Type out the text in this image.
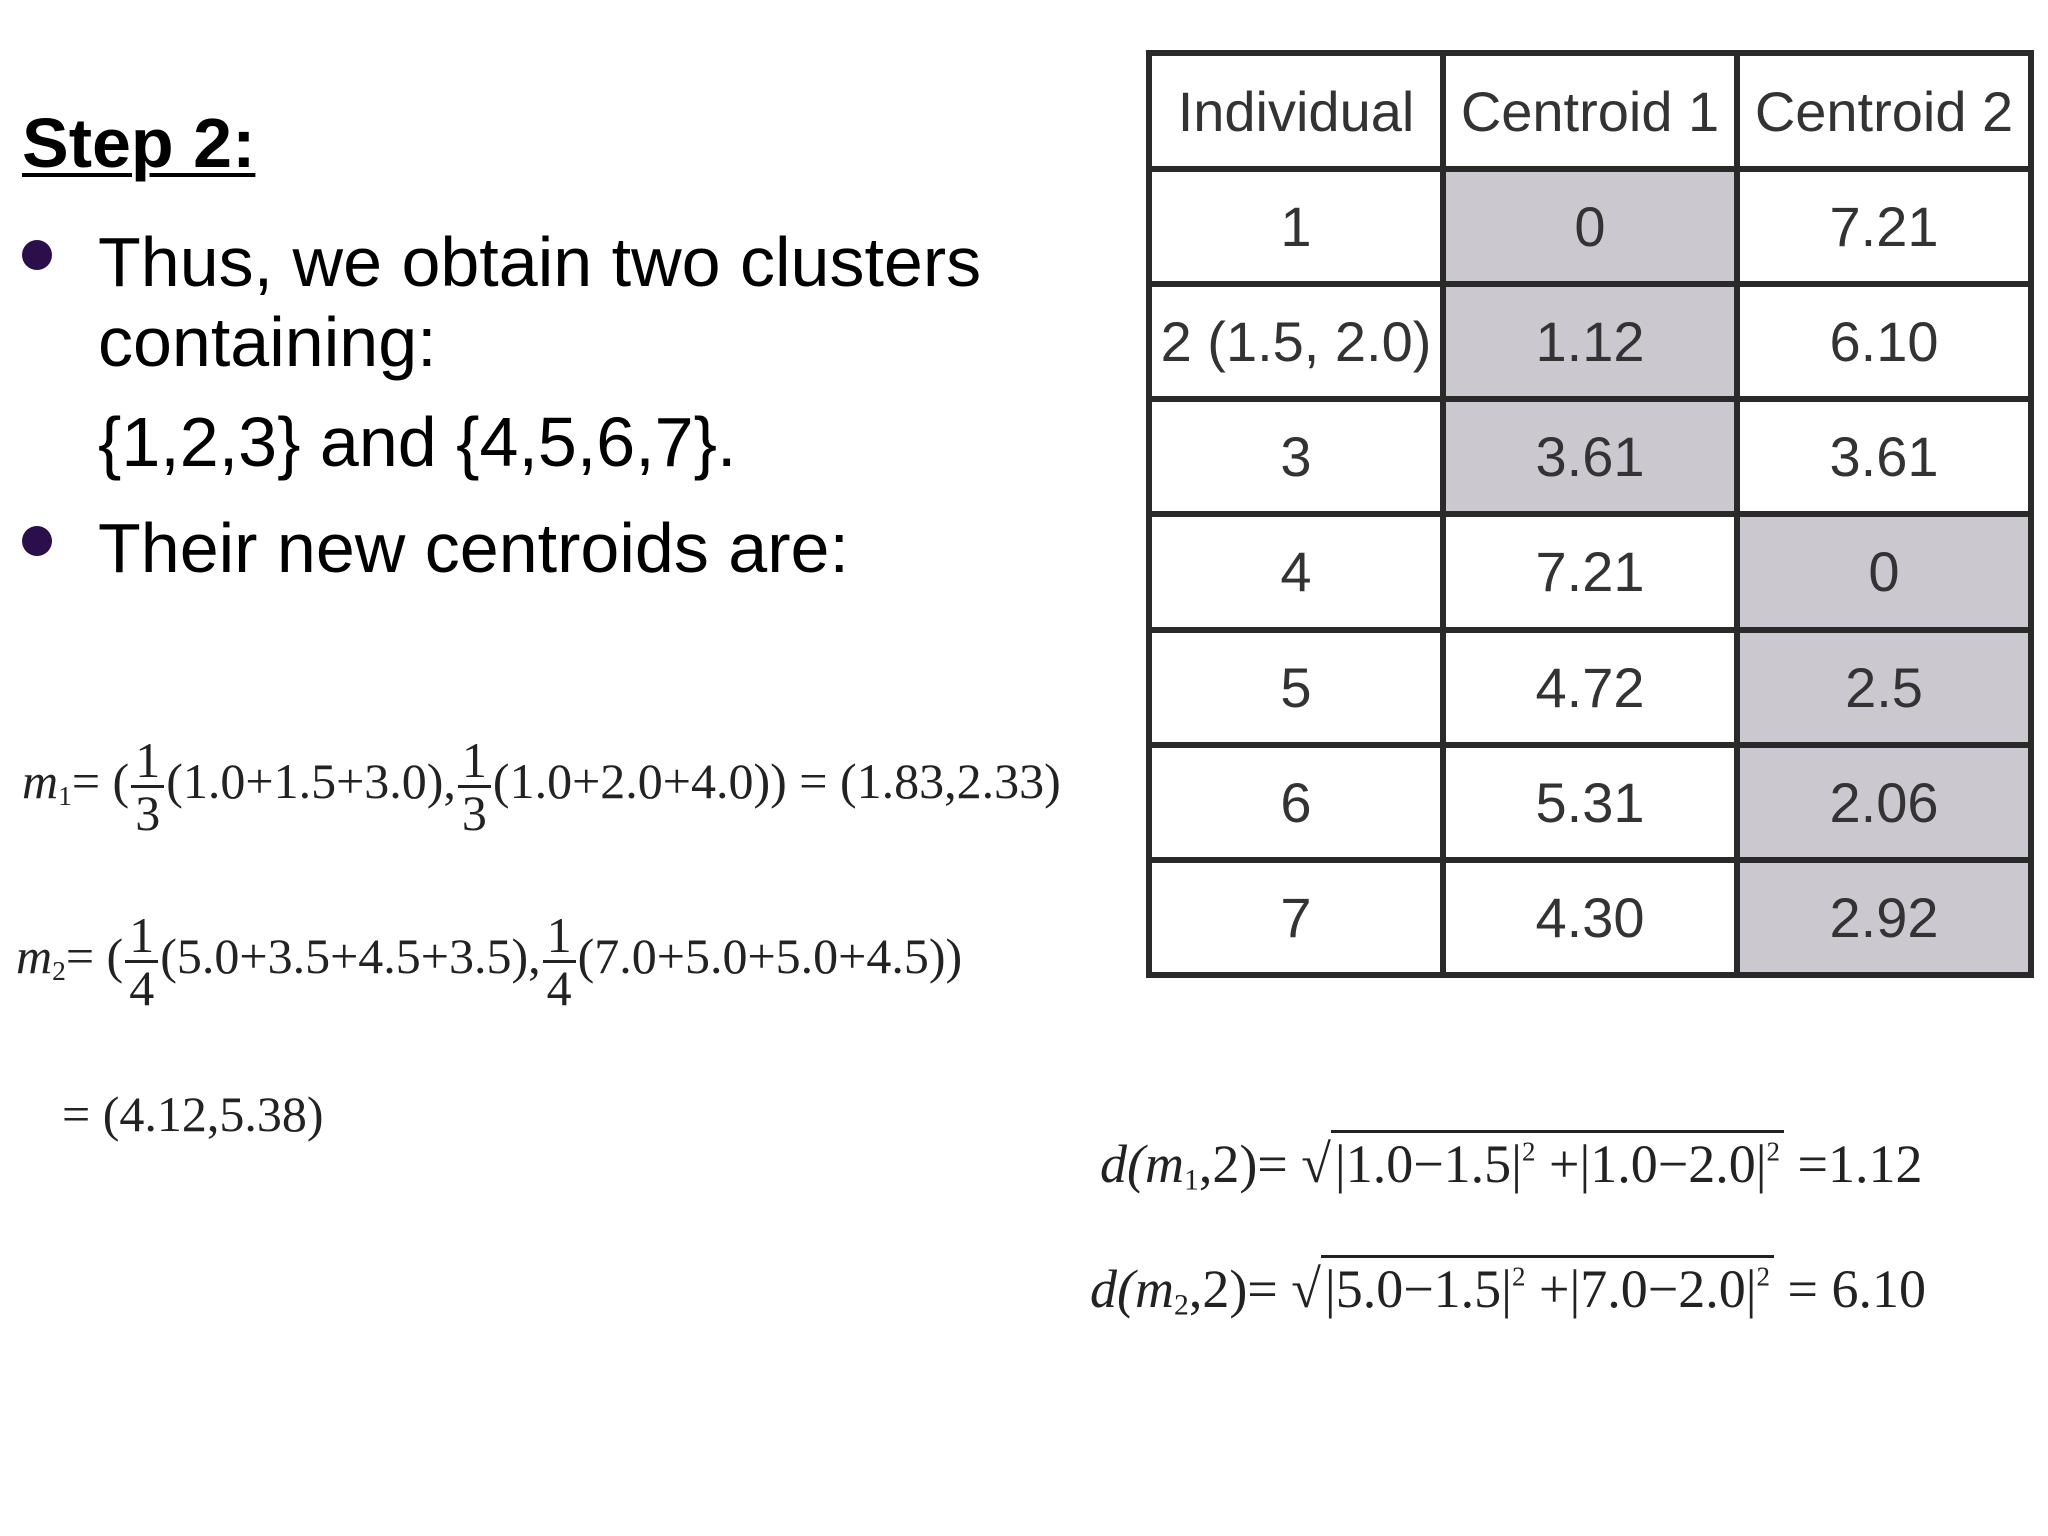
Step 2:
Thus, we obtain two clusters
containing:
{1,2,3} and {4,5,6,7}.
Their new centroids are:
$m_1=$ ( $\frac{1}{3} (1.0+1.5+3.0)$, $\frac{1}{3} (1.0+2.0+4.0)) = (1.83,2.33)$
$m_2=$ ( $\frac{1}{4} (5.0+3.5+4.5+3.5)$, $\frac{1}{4} (7.0+5.0+5.0+4.5)$)
= (4.12,5.38)
$d(m_1,2)= √|1.0-1.5|^2 +|1.0-2.0|^2 =1.12$
$d(m_2,2)= √|5.0-1.5|^2 +|7.0-2.0|^2 = 6.10$
Individual	Centroid 1	Centroid 2
1	0	7.21
2 (1.5, 2.0)	1.12	6.10
3	3.61	3.61
4	7.21	0
5	4.72	2.5
6	5.31	2.06
7	4.30	2.92
